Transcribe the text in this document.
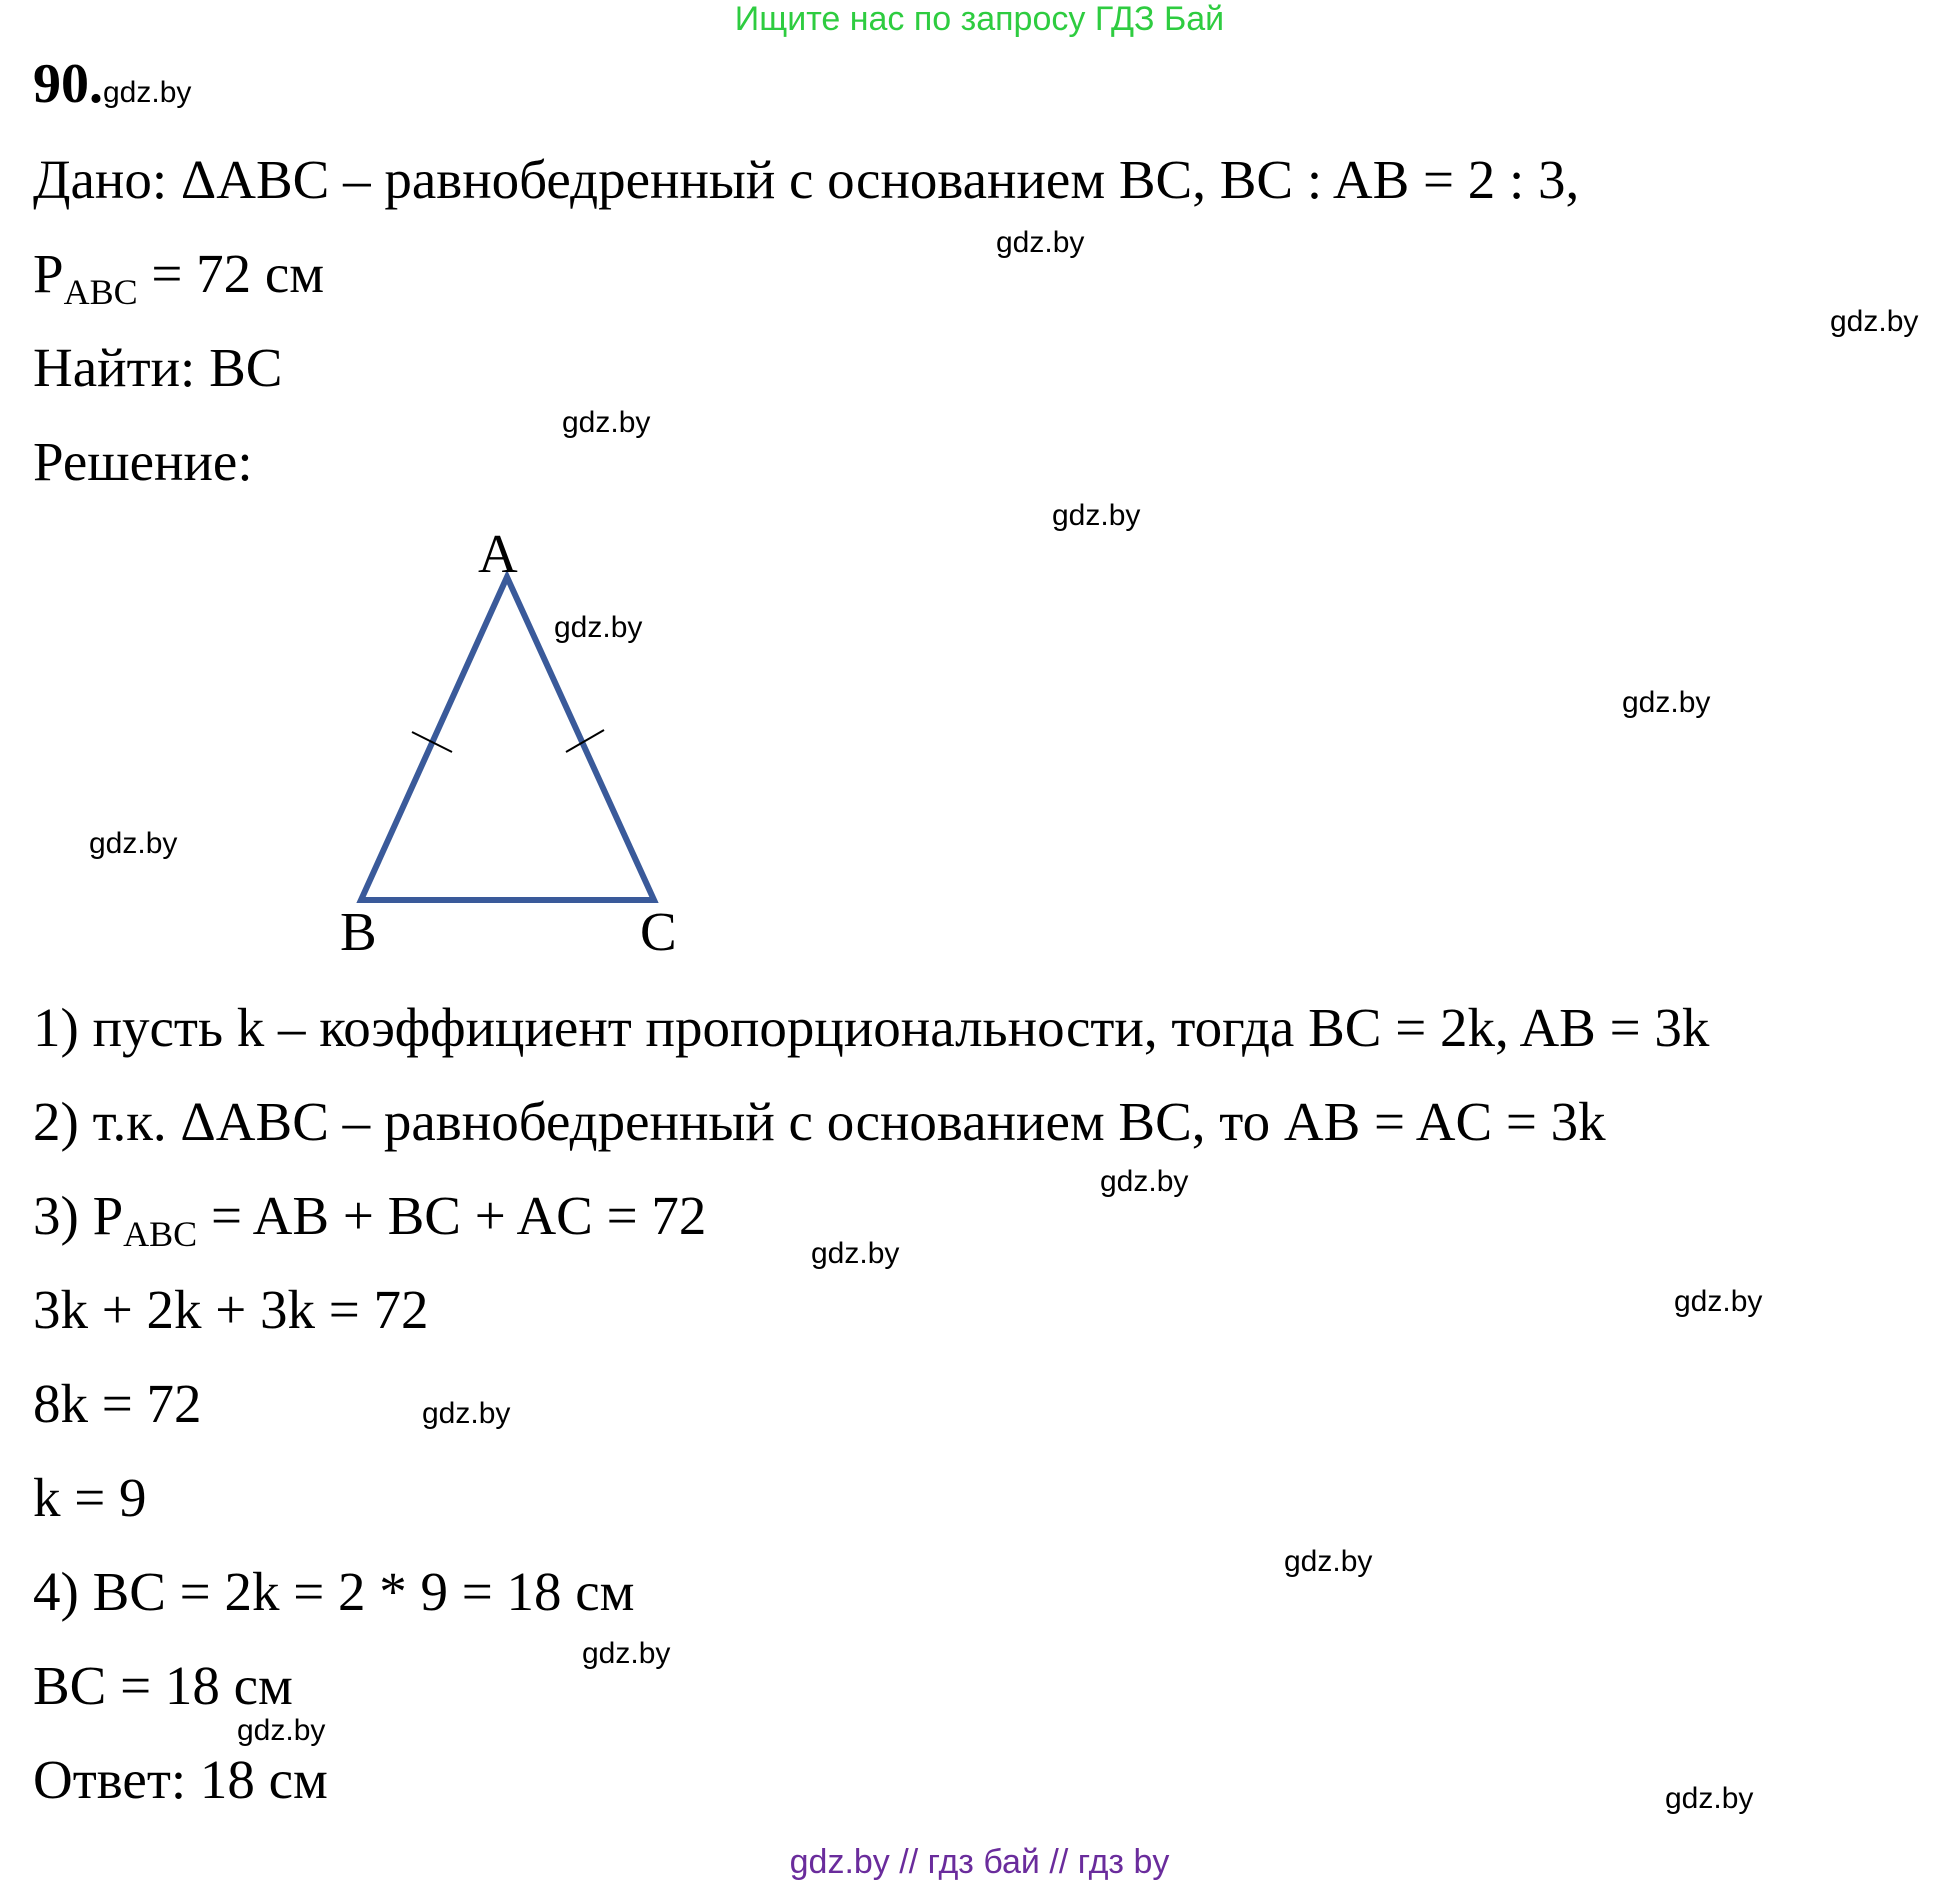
Ищите нас по запросу ГДЗ Бай
90.gdz.by
Дано: ΔABC – равнобедренный с основанием BC, BC : AB = 2 : 3,
$P_{ABC} = 72$ см
Найти: BC
Решение:
A
B	C
1) пусть k – коэффициент пропорциональности, тогда BC = 2k, AB = 3k
2) т.к. ΔABC – равнобедренный с основанием BC, то AB = AC = 3k
3) $P_{ABC}$ = AB + BC + AC = 72
3k + 2k + 3k = 72
8k = 72
k = 9
4) BC = 2k = 2 * 9 = 18 см
BC = 18 см
Ответ: 18 см
gdz.by
gdz.by
gdz.by
gdz.by
gdz.by
gdz.by
gdz.by
gdz.by
gdz.by
gdz.by
gdz.by
gdz.by
gdz.by
gdz.by
gdz.by
gdz.by // гдз бай // гдз by
